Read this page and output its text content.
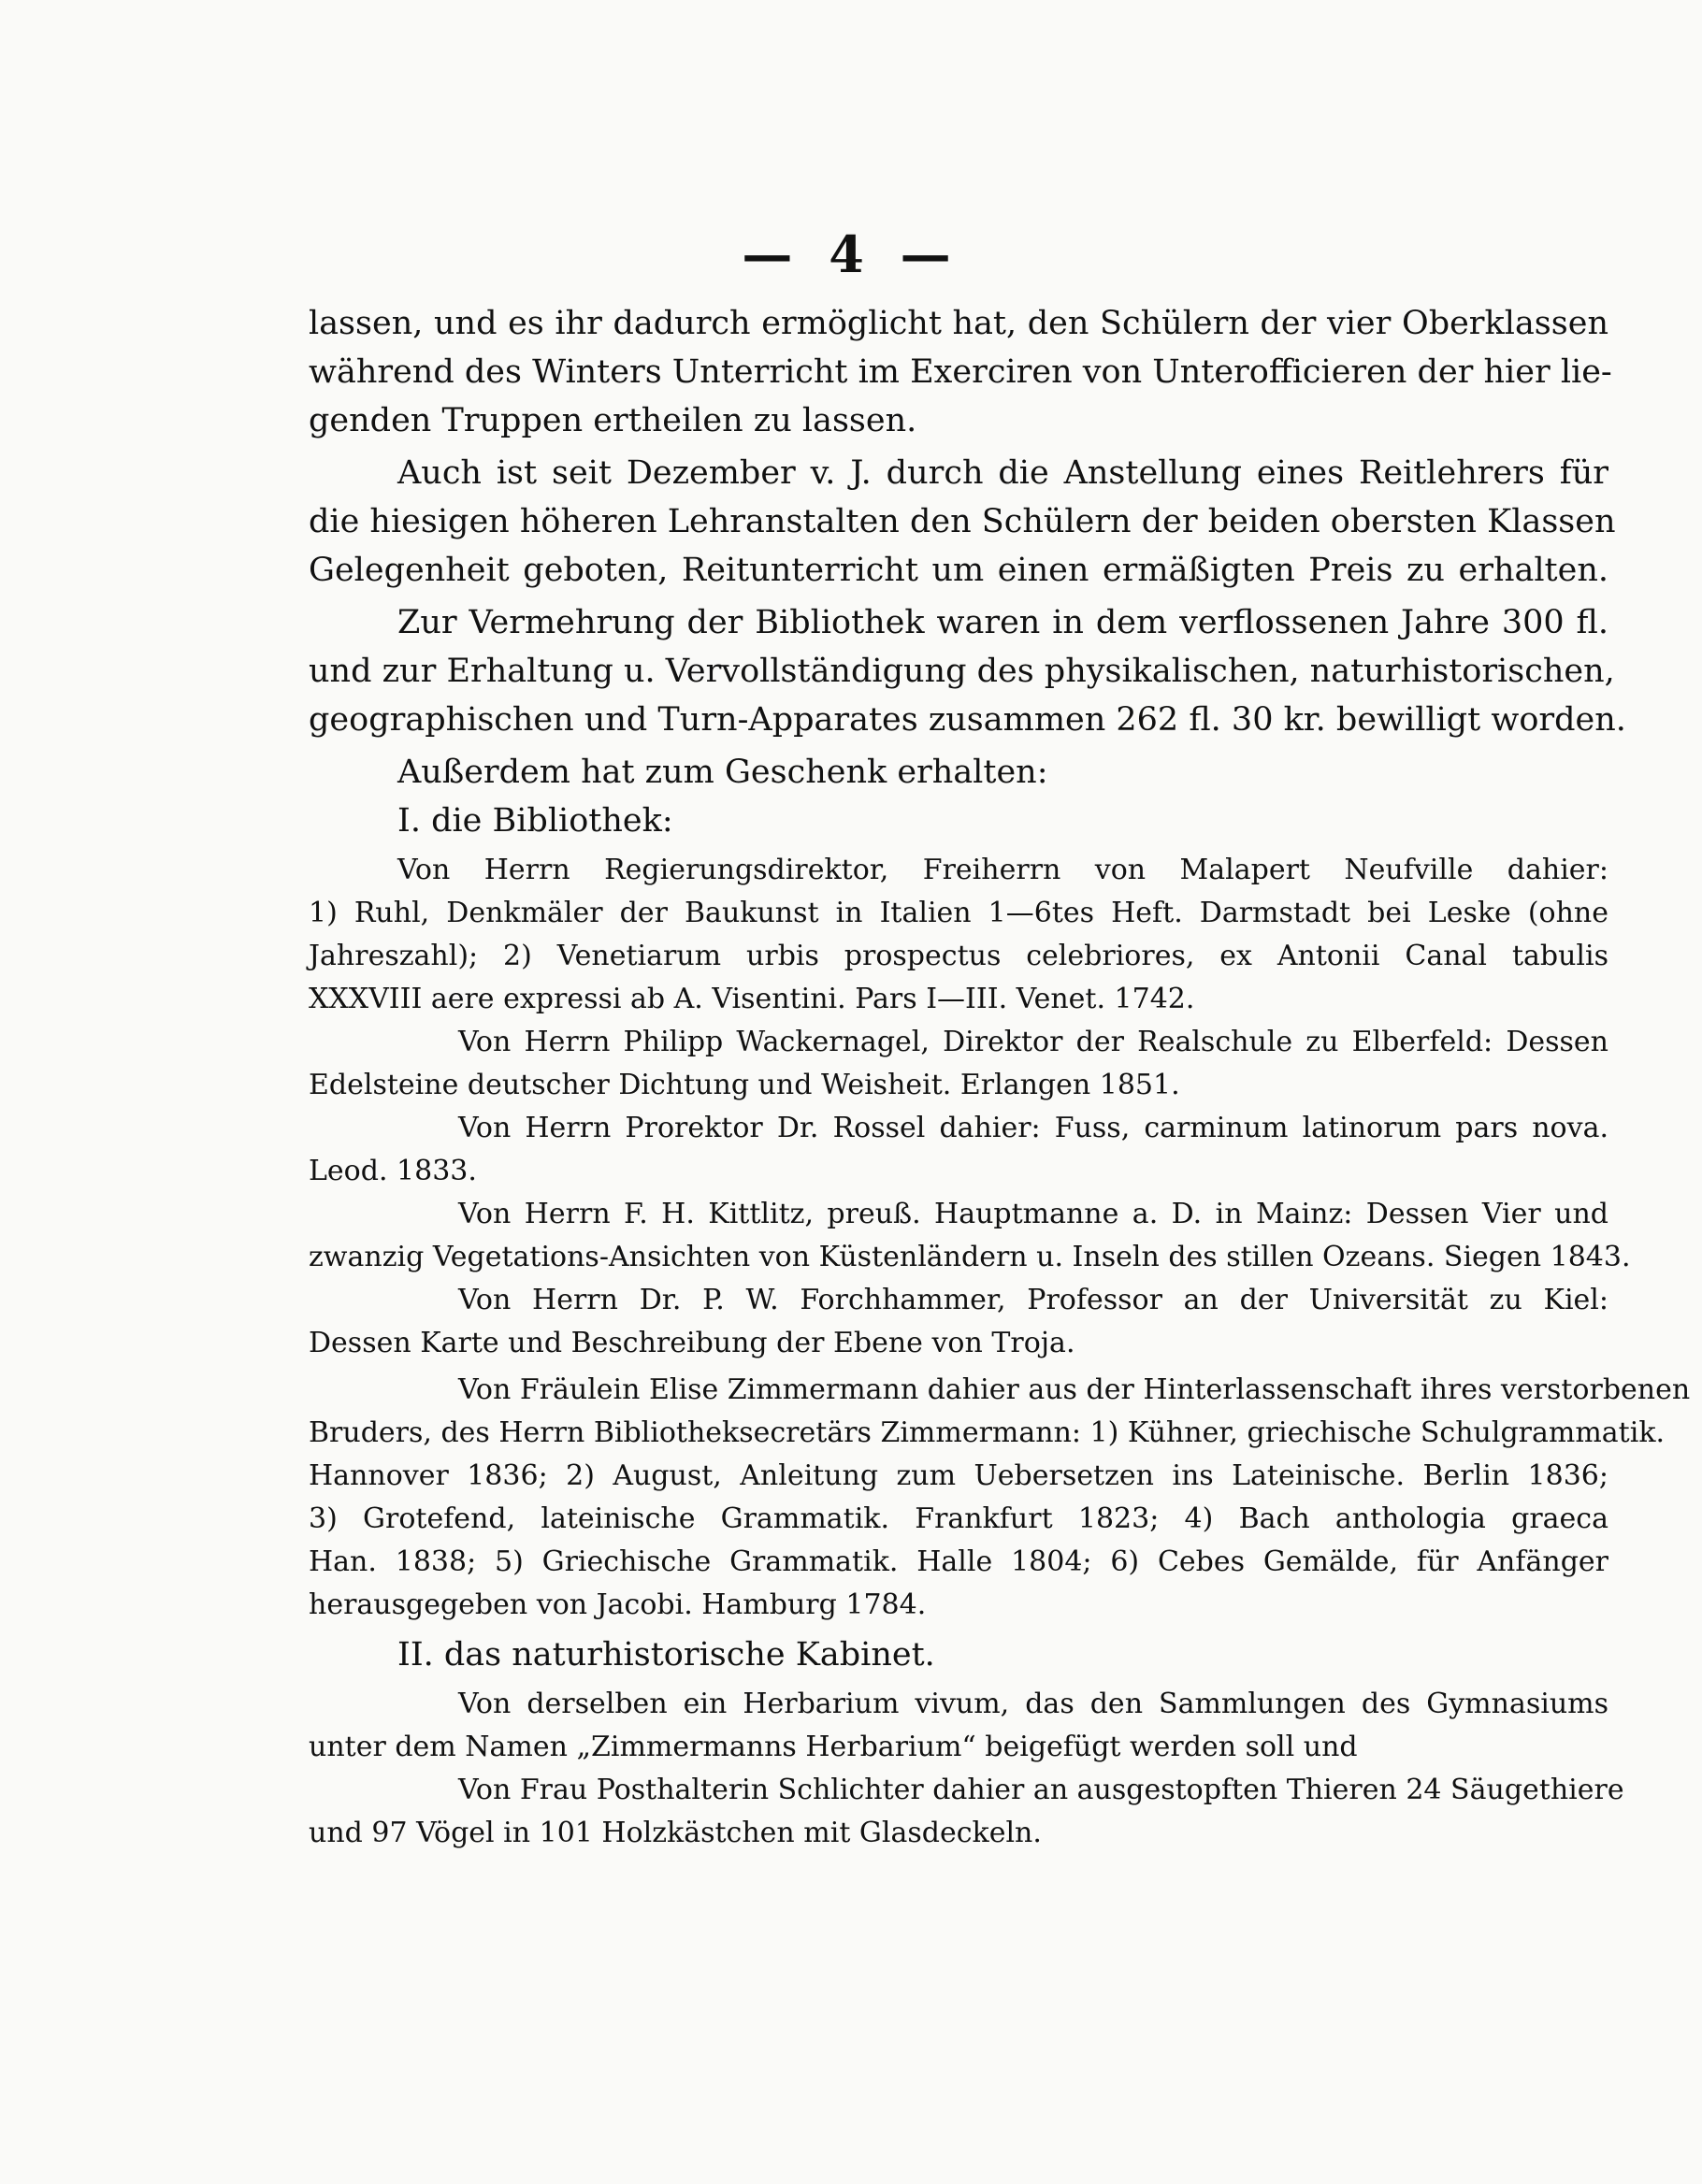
— 4 —
lassen, und es ihr dadurch ermöglicht hat, den Schülern der vier Oberklassen
während des Winters Unterricht im Exerciren von Unterofficieren der hier lie-
genden Truppen ertheilen zu lassen.
Auch ist seit Dezember v. J. durch die Anstellung eines Reitlehrers für
die hiesigen höheren Lehranstalten den Schülern der beiden obersten Klassen
Gelegenheit geboten, Reitunterricht um einen ermäßigten Preis zu erhalten.
Zur Vermehrung der Bibliothek waren in dem verflossenen Jahre 300 fl.
und zur Erhaltung u. Vervollständigung des physikalischen, naturhistorischen,
geographischen und Turn-Apparates zusammen 262 fl. 30 kr. bewilligt worden.
Außerdem hat zum Geschenk erhalten:
I. die Bibliothek:
Von Herrn Regierungsdirektor, Freiherrn von Malapert Neufville dahier:
1) Ruhl, Denkmäler der Baukunst in Italien 1—6tes Heft. Darmstadt bei Leske (ohne
Jahreszahl); 2) Venetiarum urbis prospectus celebriores, ex Antonii Canal tabulis
XXXVIII aere expressi ab A. Visentini. Pars I—III. Venet. 1742.
Von Herrn Philipp Wackernagel, Direktor der Realschule zu Elberfeld: Dessen
Edelsteine deutscher Dichtung und Weisheit. Erlangen 1851.
Von Herrn Prorektor Dr. Rossel dahier: Fuss, carminum latinorum pars nova.
Leod. 1833.
Von Herrn F. H. Kittlitz, preuß. Hauptmanne a. D. in Mainz: Dessen Vier und
zwanzig Vegetations-Ansichten von Küstenländern u. Inseln des stillen Ozeans. Siegen 1843.
Von Herrn Dr. P. W. Forchhammer, Professor an der Universität zu Kiel:
Dessen Karte und Beschreibung der Ebene von Troja.
Von Fräulein Elise Zimmermann dahier aus der Hinterlassenschaft ihres verstorbenen
Bruders, des Herrn Bibliotheksecretärs Zimmermann: 1) Kühner, griechische Schulgrammatik.
Hannover 1836; 2) August, Anleitung zum Uebersetzen ins Lateinische. Berlin 1836;
3) Grotefend, lateinische Grammatik. Frankfurt 1823; 4) Bach anthologia graeca
Han. 1838; 5) Griechische Grammatik. Halle 1804; 6) Cebes Gemälde, für Anfänger
herausgegeben von Jacobi. Hamburg 1784.
II. das naturhistorische Kabinet.
Von derselben ein Herbarium vivum, das den Sammlungen des Gymnasiums
unter dem Namen „Zimmermanns Herbarium“ beigefügt werden soll und
Von Frau Posthalterin Schlichter dahier an ausgestopften Thieren 24 Säugethiere
und 97 Vögel in 101 Holzkästchen mit Glasdeckeln.
